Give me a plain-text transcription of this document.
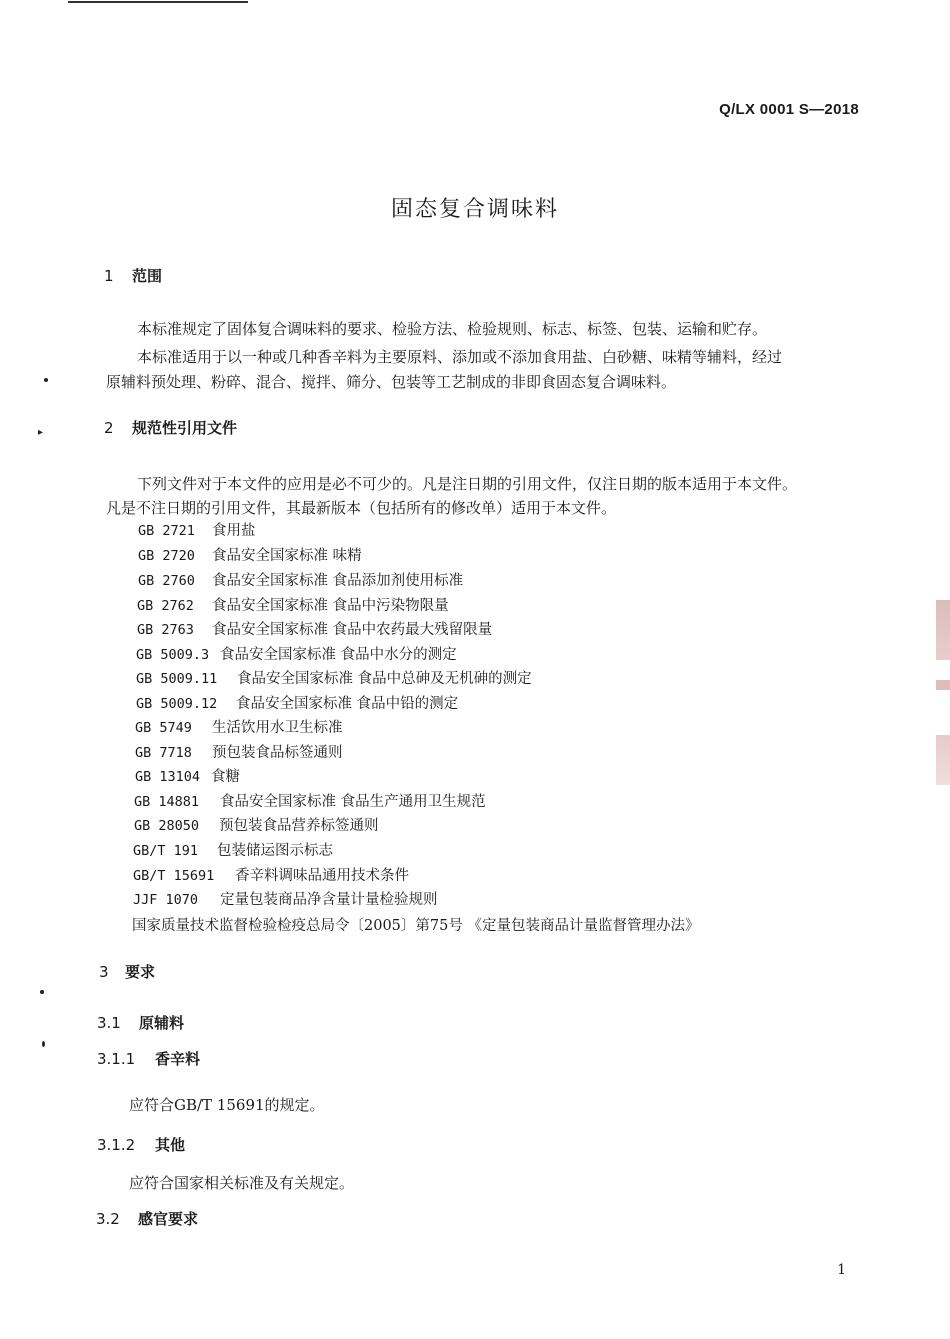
Q/LX 0001 S—2018
固态复合调味料
1 范围
本标准规定了固体复合调味料的要求、检验方法、检验规则、标志、标签、包装、运输和贮存。
本标准适用于以一种或几种香辛料为主要原料、添加或不添加食用盐、白砂糖、味精等辅料，经过
原辅料预处理、粉碎、混合、搅拌、筛分、包装等工艺制成的非即食固态复合调味料。
2 规范性引用文件
下列文件对于本文件的应用是必不可少的。凡是注日期的引用文件，仅注日期的版本适用于本文件。
凡是不注日期的引用文件，其最新版本（包括所有的修改单）适用于本文件。
GB 2721 食用盐
GB 2720 食品安全国家标准 味精
GB 2760 食品安全国家标准 食品添加剂使用标准
GB 2762 食品安全国家标准 食品中污染物限量
GB 2763 食品安全国家标准 食品中农药最大残留限量
GB 5009.3 食品安全国家标准 食品中水分的测定
GB 5009.11 食品安全国家标准 食品中总砷及无机砷的测定
GB 5009.12 食品安全国家标准 食品中铅的测定
GB 5749 生活饮用水卫生标准
GB 7718 预包装食品标签通则
GB 13104 食糖
GB 14881 食品安全国家标准 食品生产通用卫生规范
GB 28050 预包装食品营养标签通则
GB/T 191 包装储运图示标志
GB/T 15691 香辛料调味品通用技术条件
JJF 1070 定量包装商品净含量计量检验规则
国家质量技术监督检验检疫总局令〔2005〕第75号 《定量包装商品计量监督管理办法》
3 要求
3.1 原辅料
3.1.1 香辛料
应符合GB/T 15691的规定。
3.1.2 其他
应符合国家相关标准及有关规定。
3.2 感官要求
▸
1
